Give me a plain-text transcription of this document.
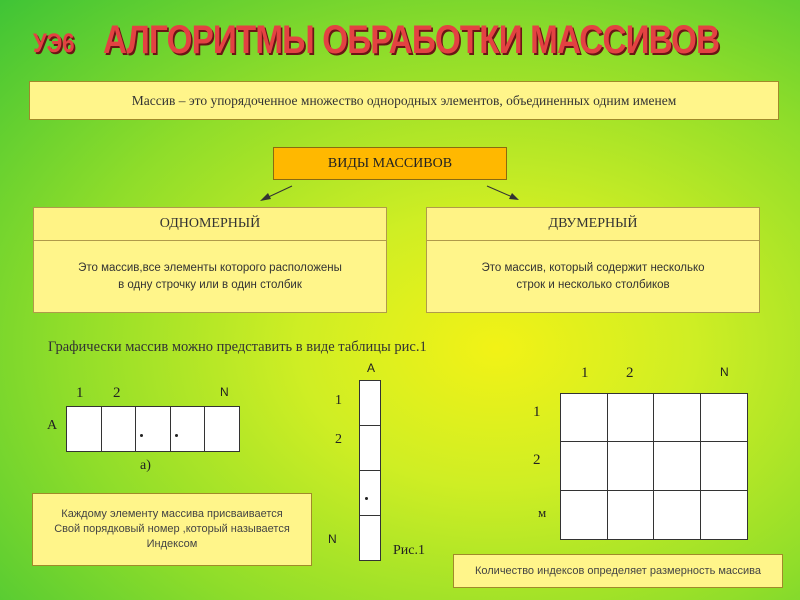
УЭ6 АЛГОРИТМЫ ОБРАБОТКИ МАССИВОВ
Массив – это упорядоченное множество однородных элементов, объединенных одним именем
ВИДЫ МАССИВОВ
ОДНОМЕРНЫЙ
Это массив,все элементы которого расположены
в одну строчку или в один столбик
ДВУМЕРНЫЙ
Это массив, который содержит несколько
строк и несколько столбиков
Графически массив можно представить в виде таблицы рис.1
1 2	N
A
а)
A
1
2
N
Рис.1
1	2	N
1
2
м
Каждому элементу массива присваивается
Свой порядковый номер ,который называется
Индексом
Количество индексов определяет размерность массива
